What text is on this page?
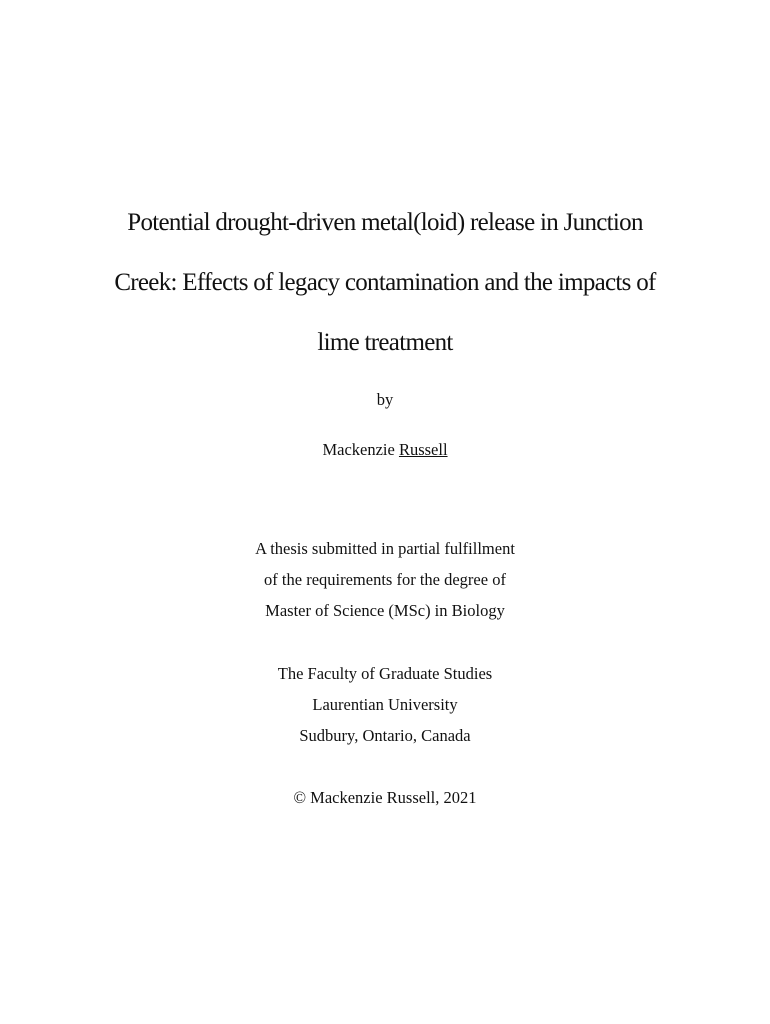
Potential drought-driven metal(loid) release in Junction
Creek: Effects of legacy contamination and the impacts of
lime treatment
by
Mackenzie Russell
A thesis submitted in partial fulfillment
of the requirements for the degree of
Master of Science (MSc) in Biology
The Faculty of Graduate Studies
Laurentian University
Sudbury, Ontario, Canada
© Mackenzie Russell, 2021
